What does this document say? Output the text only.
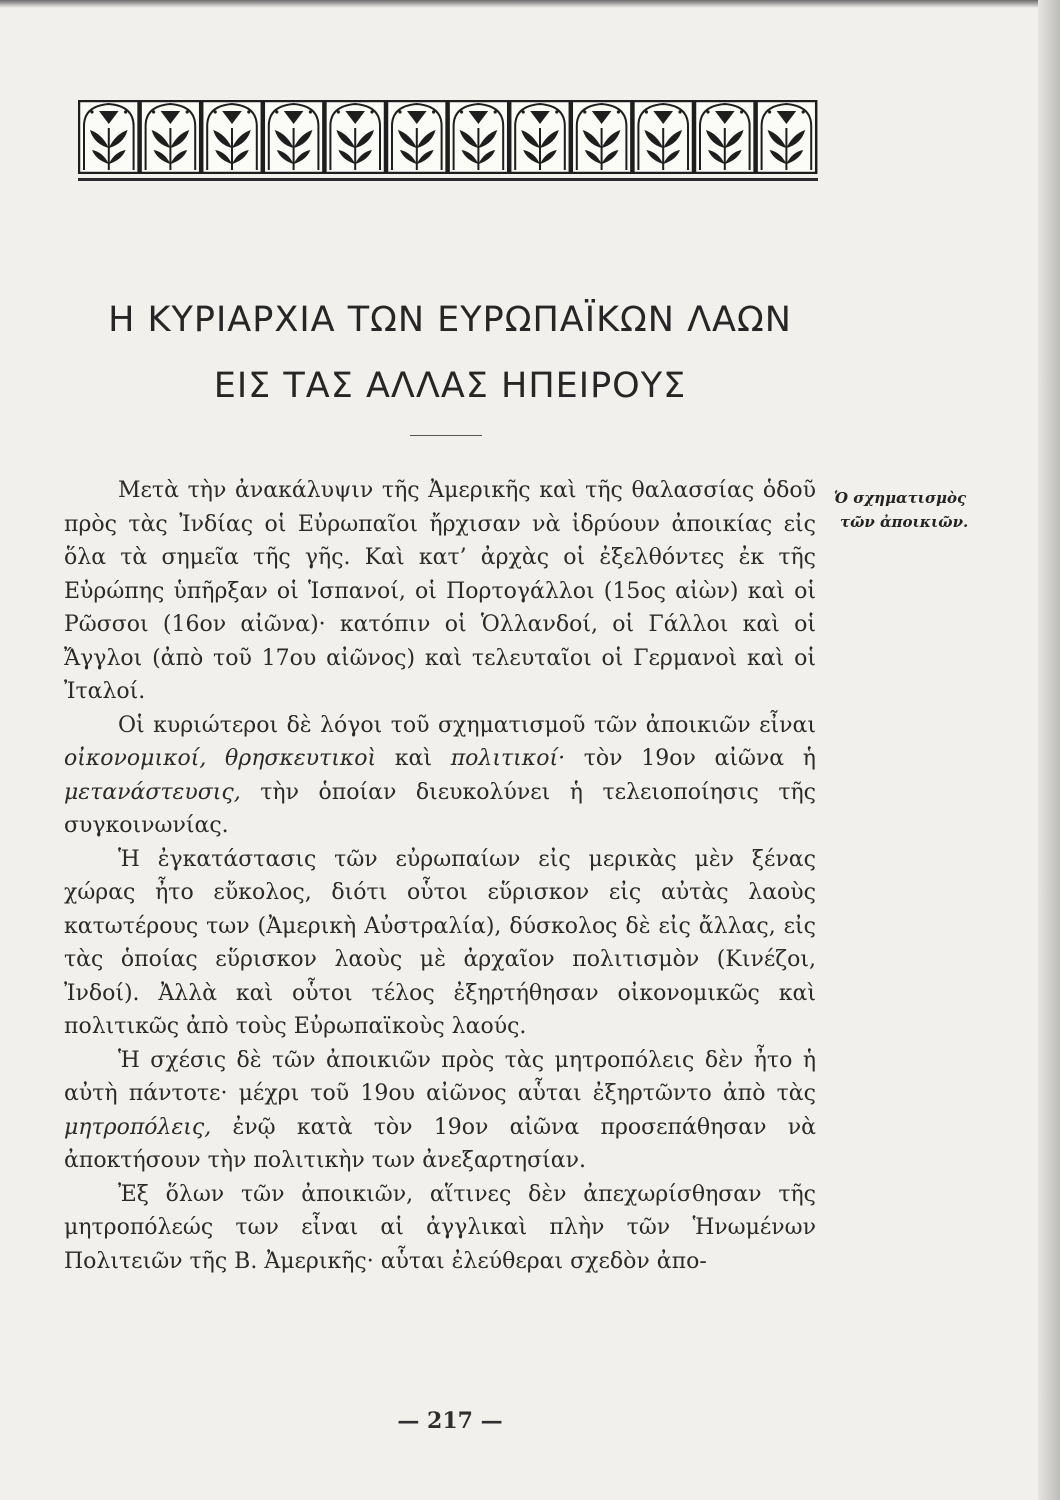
Η ΚΥΡΙΑΡΧΙΑ ΤΩΝ ΕΥΡΩΠΑΪΚΩΝ ΛΑΩΝ
ΕΙΣ ΤΑΣ ΑΛΛΑΣ ΗΠΕΙΡΟΥΣ

Μετὰ τὴν ἀνακάλυψιν τῆς Ἀμερικῆς καὶ τῆς θαλασσίας ὁδοῦ πρὸς τὰς Ἰνδίας οἱ Εὐρωπαῖοι ἤρχισαν νὰ ἱδρύουν ἀποικίας εἰς ὅλα τὰ σημεῖα τῆς γῆς. Καὶ κατ’ ἀρχὰς οἱ ἐξελθόντες ἐκ τῆς Εὐρώπης ὑπῆρξαν οἱ Ἱσπανοί, οἱ Πορτογάλλοι (15ος αἰὼν) καὶ οἱ Ρῶσσοι (16ον αἰῶνα)· κατόπιν οἱ Ὁλλανδοί, οἱ Γάλλοι καὶ οἱ Ἄγγλοι (ἀπὸ τοῦ 17ου αἰῶνος) καὶ τελευταῖοι οἱ Γερμανοὶ καὶ οἱ Ἰταλοί.

Οἱ κυριώτεροι δὲ λόγοι τοῦ σχηματισμοῦ τῶν ἀποικιῶν εἶναι οἰκονομικοί, θρησκευτικοὶ καὶ πολιτικοί· τὸν 19ον αἰῶνα ἡ μετανάστευσις, τὴν ὁποίαν διευκολύνει ἡ τελειοποίησις τῆς συγκοινωνίας.

Ἡ ἐγκατάστασις τῶν εὐρωπαίων εἰς μερικὰς μὲν ξένας χώρας ἦτο εὔκολος, διότι οὗτοι εὕρισκον εἰς αὐτὰς λαοὺς κατωτέρους των (Ἀμερικὴ Αὐστραλία), δύσκολος δὲ εἰς ἄλλας, εἰς τὰς ὁποίας εὕρισκον λαοὺς μὲ ἀρχαῖον πολιτισμὸν (Κινέζοι, Ἰνδοί). Ἀλλὰ καὶ οὗτοι τέλος ἐξηρτήθησαν οἰκονομικῶς καὶ πολιτικῶς ἀπὸ τοὺς Εὐρωπαϊκοὺς λαούς.

Ἡ σχέσις δὲ τῶν ἀποικιῶν πρὸς τὰς μητροπόλεις δὲν ἦτο ἡ αὐτὴ πάντοτε· μέχρι τοῦ 19ου αἰῶνος αὗται ἐξηρτῶντο ἀπὸ τὰς μητροπόλεις, ἐνῷ κατὰ τὸν 19ον αἰῶνα προσεπάθησαν νὰ ἀποκτήσουν τὴν πολιτικὴν των ἀνεξαρτησίαν.

Ἐξ ὅλων τῶν ἀποικιῶν, αἵτινες δὲν ἀπεχωρίσθησαν τῆς μητροπόλεώς των εἶναι αἱ ἀγγλικαὶ πλὴν τῶν Ἡνωμένων Πολιτειῶν τῆς Β. Ἀμερικῆς· αὗται ἐλεύθεραι σχεδὸν ἀπο-

Ὁ σχηματισμὸς
τῶν ἀποικιῶν.
— 217 —
